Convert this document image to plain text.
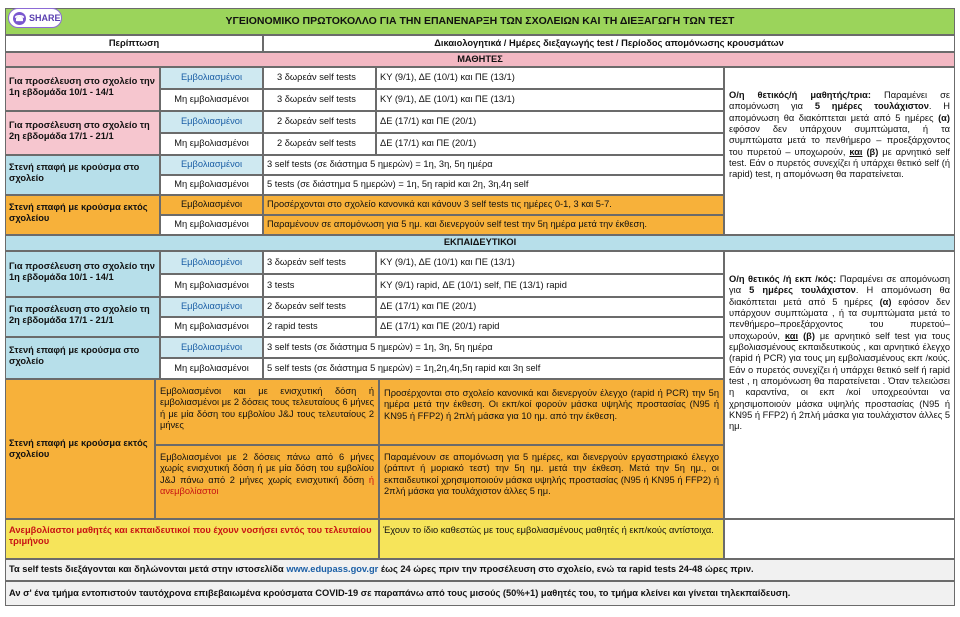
☎ SHARE	ΥΓΕΙΟΝΟΜΙΚΟ ΠΡΩΤΟΚΟΛΛΟ ΓΙΑ ΤΗΝ ΕΠΑΝΕΝΑΡΞΗ ΤΩΝ ΣΧΟΛΕΙΩΝ ΚΑΙ ΤΗ ΔΙΕΞΑΓΩΓΗ ΤΩΝ ΤΕΣΤ
Περίπτωση	Δικαιολογητικά / Ημέρες διεξαγωγής test / Περίοδος απομόνωσης κρουσμάτων
ΜΑΘΗΤΕΣ
Για προσέλευση στο σχολείο την 1η εβδομάδα 10/1 - 14/1
Εμβολιασμένοι	3 δωρεάν self tests	ΚΥ (9/1), ΔΕ (10/1) και ΠΕ (13/1)
Μη εμβολιασμένοι	3 δωρεάν self tests	ΚΥ (9/1), ΔΕ (10/1) και ΠΕ (13/1)
Για προσέλευση στο σχολείο τη 2η εβδομάδα 17/1 - 21/1
Εμβολιασμένοι	2 δωρεάν self tests	ΔΕ (17/1) και ΠΕ (20/1)
Μη εμβολιασμένοι	2 δωρεάν self tests	ΔΕ (17/1) και ΠΕ (20/1)
Στενή επαφή με κρούσμα στο σχολείο
Εμβολιασμένοι	3 self tests (σε διάστημα 5 ημερών) = 1η, 3η, 5η ημέρα
Μη εμβολιασμένοι 5 tests (σε διάστημα 5 ημερών) = 1η, 5η rapid και 2η, 3η,4η self
Στενή επαφή με κρούσμα εκτός σχολείου
Εμβολιασμένοι	Προσέρχονται στο σχολείο κανονικά και κάνουν 3 self tests τις ημέρες 0-1, 3 και 5-7.
Μη εμβολιασμένοι Παραμένουν σε απομόνωση για 5 ημ. και διενεργούν self test την 5η ημέρα μετά την έκθεση.
Ο/η θετικός/ή μαθητής/τρια: Παραμένει σε απομόνωση για 5 ημέρες τουλάχιστον. Η απομόνωση θα διακόπτεται μετά από 5 ημέρες (α) εφόσον δεν υπάρχουν συμπτώματα, ή τα συμπτώματα μετά το πενθήμερο – προεξάρχοντος του πυρετού – υποχωρούν, και (β) με αρνητικό self test. Εάν ο πυρετός συνεχίζει ή υπάρχει θετικό self (ή rapid) test, η απομόνωση θα παρατείνεται.
ΕΚΠΑΙΔΕΥΤΙΚΟΙ
Για προσέλευση στο σχολείο την 1η εβδομάδα 10/1 - 14/1
Εμβολιασμένοι	3 δωρεάν self tests	ΚΥ (9/1), ΔΕ (10/1) και ΠΕ (13/1)
Μη εμβολιασμένοι 3 tests	ΚΥ (9/1) rapid, ΔΕ (10/1) self, ΠΕ (13/1) rapid
Για προσέλευση στο σχολείο τη 2η εβδομάδα 17/1 - 21/1
Εμβολιασμένοι	2 δωρεάν self tests	ΔΕ (17/1) και ΠΕ (20/1)
Μη εμβολιασμένοι 2 rapid tests	ΔΕ (17/1) και ΠΕ (20/1) rapid
Στενή επαφή με κρούσμα στο σχολείο
Εμβολιασμένοι	3 self tests (σε διάστημα 5 ημερών) = 1η, 3η, 5η ημέρα
Μη εμβολιασμένοι 5 self tests (σε διάστημα 5 ημερών) = 1η,2η,4η,5η rapid και 3η self
Στενή επαφή με κρούσμα εκτός σχολείου
Εμβολιασμένοι και με ενισχυτική δόση ή εμβολιασμένοι με 2 δόσεις τους τελευταίους 6 μήνες ή με μία δόση του εμβολίου J&J τους τελευταίους 2 μήνες
Προσέρχονται στο σχολείο κανονικά και διενεργούν έλεγχο (rapid ή PCR) την 5η ημέρα μετά την έκθεση. Οι εκπ/κοί φορούν μάσκα υψηλής προστασίας (N95 ή KN95 ή FFP2) ή 2πλή μάσκα για 10 ημ. από την έκθεση.
Εμβολιασμένοι με 2 δόσεις πάνω από 6 μήνες χωρίς ενισχυτική δόση ή με μία δόση του εμβολίου J&J πάνω από 2 μήνες χωρίς ενισχυτική δόση ή ανεμβολίαστοι
Παραμένουν σε απομόνωση για 5 ημέρες, και διενεργούν εργαστηριακό έλεγχο (ράπιντ ή μοριακό τεστ) την 5η ημ. μετά την έκθεση. Μετά την 5η ημ., οι εκπαιδευτικοί χρησιμοποιούν μάσκα υψηλής προστασίας (N95 ή KN95 ή FFP2) ή 2πλή μάσκα για τουλάχιστον άλλες 5 ημ.
Ο/η θετικός /ή εκπ /κός: Παραμένει σε απομόνωση για 5 ημέρες τουλάχιστον. Η απομόνωση θα διακόπτεται μετά από 5 ημέρες (α) εφόσον δεν υπάρχουν συμπτώματα , ή τα συμπτώματα μετά το πενθήμερο–προεξάρχοντος του πυρετού–υποχωρούν, και (β) με αρνητικό self test για τους εμβολιασμένους εκπαιδευτικούς , και αρνητικό έλεγχο (rapid ή PCR) για τους μη εμβολιασμένους εκπ /κούς. Εάν ο πυρετός συνεχίζει ή υπάρχει θετικό self ή rapid test , η απομόνωση θα παρατείνεται . Όταν τελειώσει η καραντίνα, οι εκπ /κοί υποχρεούνται να χρησιμοποιούν μάσκα υψηλής προστασίας (N95 ή KN95 ή FFP2) ή 2πλή μάσκα για τουλάχιστον άλλες 5 ημ.
Ανεμβολίαστοι μαθητές και εκπαιδευτικοί που έχουν νοσήσει εντός του τελευταίου τριμήνου
Έχουν το ίδιο καθεστώς με τους εμβολιασμένους μαθητές ή εκπ/κούς αντίστοιχα.
Τα self tests διεξάγονται και δηλώνονται μετά στην ιστοσελίδα
www.edupass.gov.gr
έως 24 ώρες πριν την προσέλευση στο σχολείο, ενώ τα rapid tests 24-48 ώρες πριν.
Αν σ' ένα τμήμα εντοπιστούν ταυτόχρονα επιβεβαιωμένα κρούσματα COVID-19 σε παραπάνω από τους μισούς (50%+1) μαθητές του, το τμήμα κλείνει και γίνεται τηλεκπαίδευση.
